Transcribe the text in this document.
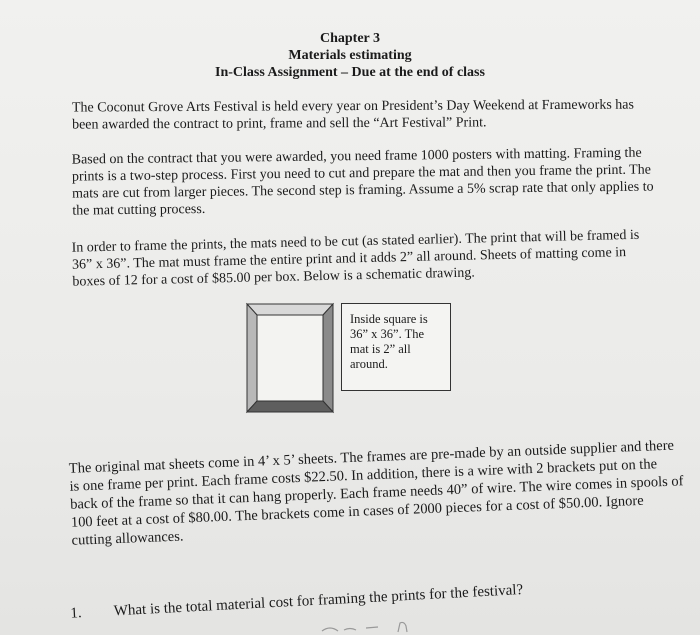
Chapter 3
Materials estimating
In-Class Assignment – Due at the end of class
The Coconut Grove Arts Festival is held every year on President’s Day Weekend at Frameworks has been awarded the contract to print, frame and sell the “Art Festival” Print.
Based on the contract that you were awarded, you need frame 1000 posters with matting. Framing the prints is a two-step process. First you need to cut and prepare the mat and then you frame the print. The mats are cut from larger pieces. The second step is framing. Assume a 5% scrap rate that only applies to the mat cutting process.
In order to frame the prints, the mats need to be cut (as stated earlier). The print that will be framed is 36” x 36”. The mat must frame the entire print and it adds 2” all around. Sheets of matting come in boxes of 12 for a cost of $85.00 per box. Below is a schematic drawing.
Inside square is 36” x 36”. The mat is 2” all around.
The original mat sheets come in 4’ x 5’ sheets. The frames are pre-made by an outside supplier and there is one frame per print. Each frame costs $22.50. In addition, there is a wire with 2 brackets put on the back of the frame so that it can hang properly. Each frame needs 40” of wire. The wire comes in spools of 100 feet at a cost of $80.00. The brackets come in cases of 2000 pieces for a cost of $50.00. Ignore cutting allowances.
1. What is the total material cost for framing the prints for the festival?
